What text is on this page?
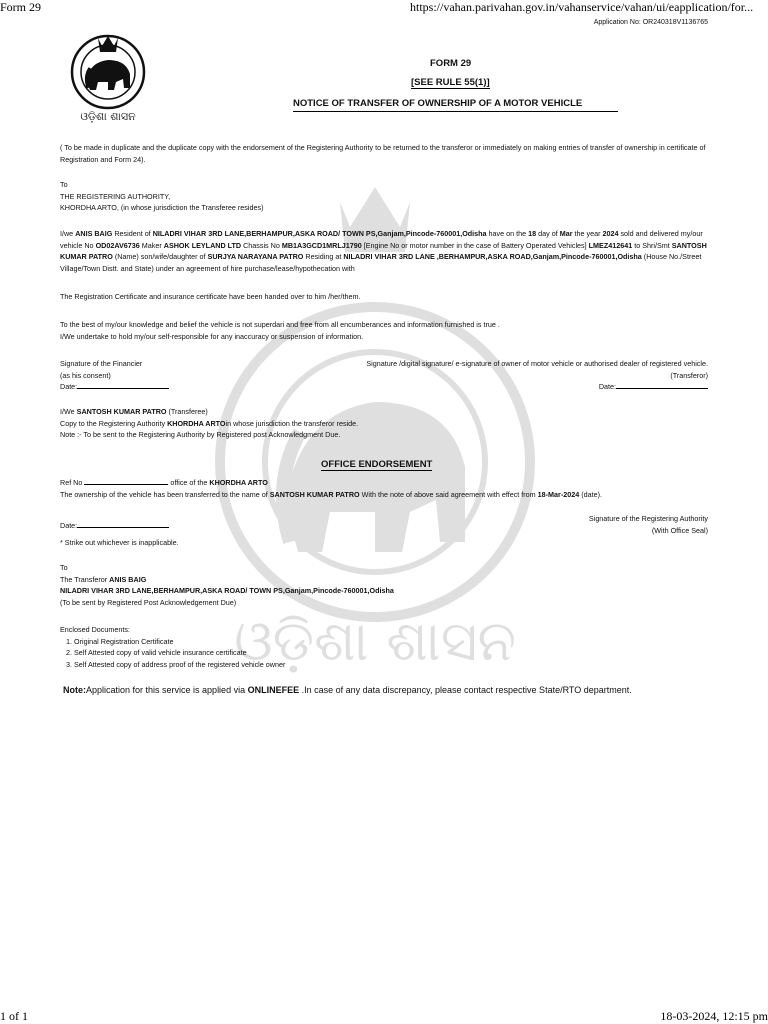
Form 29	https://vahan.parivahan.gov.in/vahanservice/vahan/ui/eapplication/for...
Application No: OR240318V1136765
ଓଡ଼ିଶା ଶାସନ
ଓଡ଼ିଶା ଶାସନ
FORM 29
[SEE RULE 55(1)]
NOTICE OF TRANSFER OF OWNERSHIP OF A MOTOR VEHICLE
( To be made in duplicate and the duplicate copy with the endorsement of the Registering Authority to be returned to the transferor or immediately on making entries of transfer of ownership in certificate of Registration and Form 24).
To
THE REGISTERING AUTHORITY,
KHORDHA ARTO, (in whose jurisdiction the Transferee resides)
I/we ANIS BAIG Resident of NILADRI VIHAR 3RD LANE,BERHAMPUR,ASKA ROAD/ TOWN PS,Ganjam,Pincode-760001,Odisha have on the 18 day of Mar the year 2024 sold and delivered my/our vehicle No OD02AV6736 Maker ASHOK LEYLAND LTD Chassis No MB1A3GCD1MRLJ1790 [Engine No or motor number in the case of Battery Operated Vehicles] LMEZ412641 to Shri/Smt SANTOSH KUMAR PATRO (Name) son/wife/daughter of SURJYA NARAYANA PATRO Residing at NILADRI VIHAR 3RD LANE ,BERHAMPUR,ASKA ROAD,Ganjam,Pincode-760001,Odisha (House No./Street Village/Town Distt. and State) under an agreement of hire purchase/lease/hypothecation with
The Registration Certificate and insurance certificate have been handed over to him /her/them.
To the best of my/our knowledge and belief the vehicle is not superdari and free from all encumberances and information furnished is true .
I/We undertake to hold my/our self-responsible for any inaccuracy or suspension of information.
Signature of the Financier
(as his consent)
Date:
Signature /digital signature/ e-signature of owner of motor vehicle or authorised dealer of registered vehicle.
(Transferor)
Date:
I/We SANTOSH KUMAR PATRO (Transferee)
Copy to the Registering Authority KHORDHA ARTOin whose jurisdiction the transferor reside.
Note :- To be sent to the Registering Authority by Registered post Acknowledgment Due.
OFFICE ENDORSEMENT
Ref No	office of the KHORDHA ARTO
The ownership of the vehicle has been transferred to the name of SANTOSH KUMAR PATRO With the note of above said agreement with effect from 18-Mar-2024 (date).
Date:
Signature of the Registering Authority
(With Office Seal)
* Strike out whichever is inapplicable.
To
The Transferor ANIS BAIG
NILADRI VIHAR 3RD LANE,BERHAMPUR,ASKA ROAD/ TOWN PS,Ganjam,Pincode-760001,Odisha
(To be sent by Registered Post Acknowledgement Due)
Enclosed Documents:
1. Original Registration Certificate
2. Self Attested copy of valid vehicle insurance certificate
3. Self Attested copy of address proof of the registered vehicle owner
Note:Application for this service is applied via ONLINEFEE .In case of any data discrepancy, please contact respective State/RTO department.
1 of 1	18-03-2024, 12:15 pm
